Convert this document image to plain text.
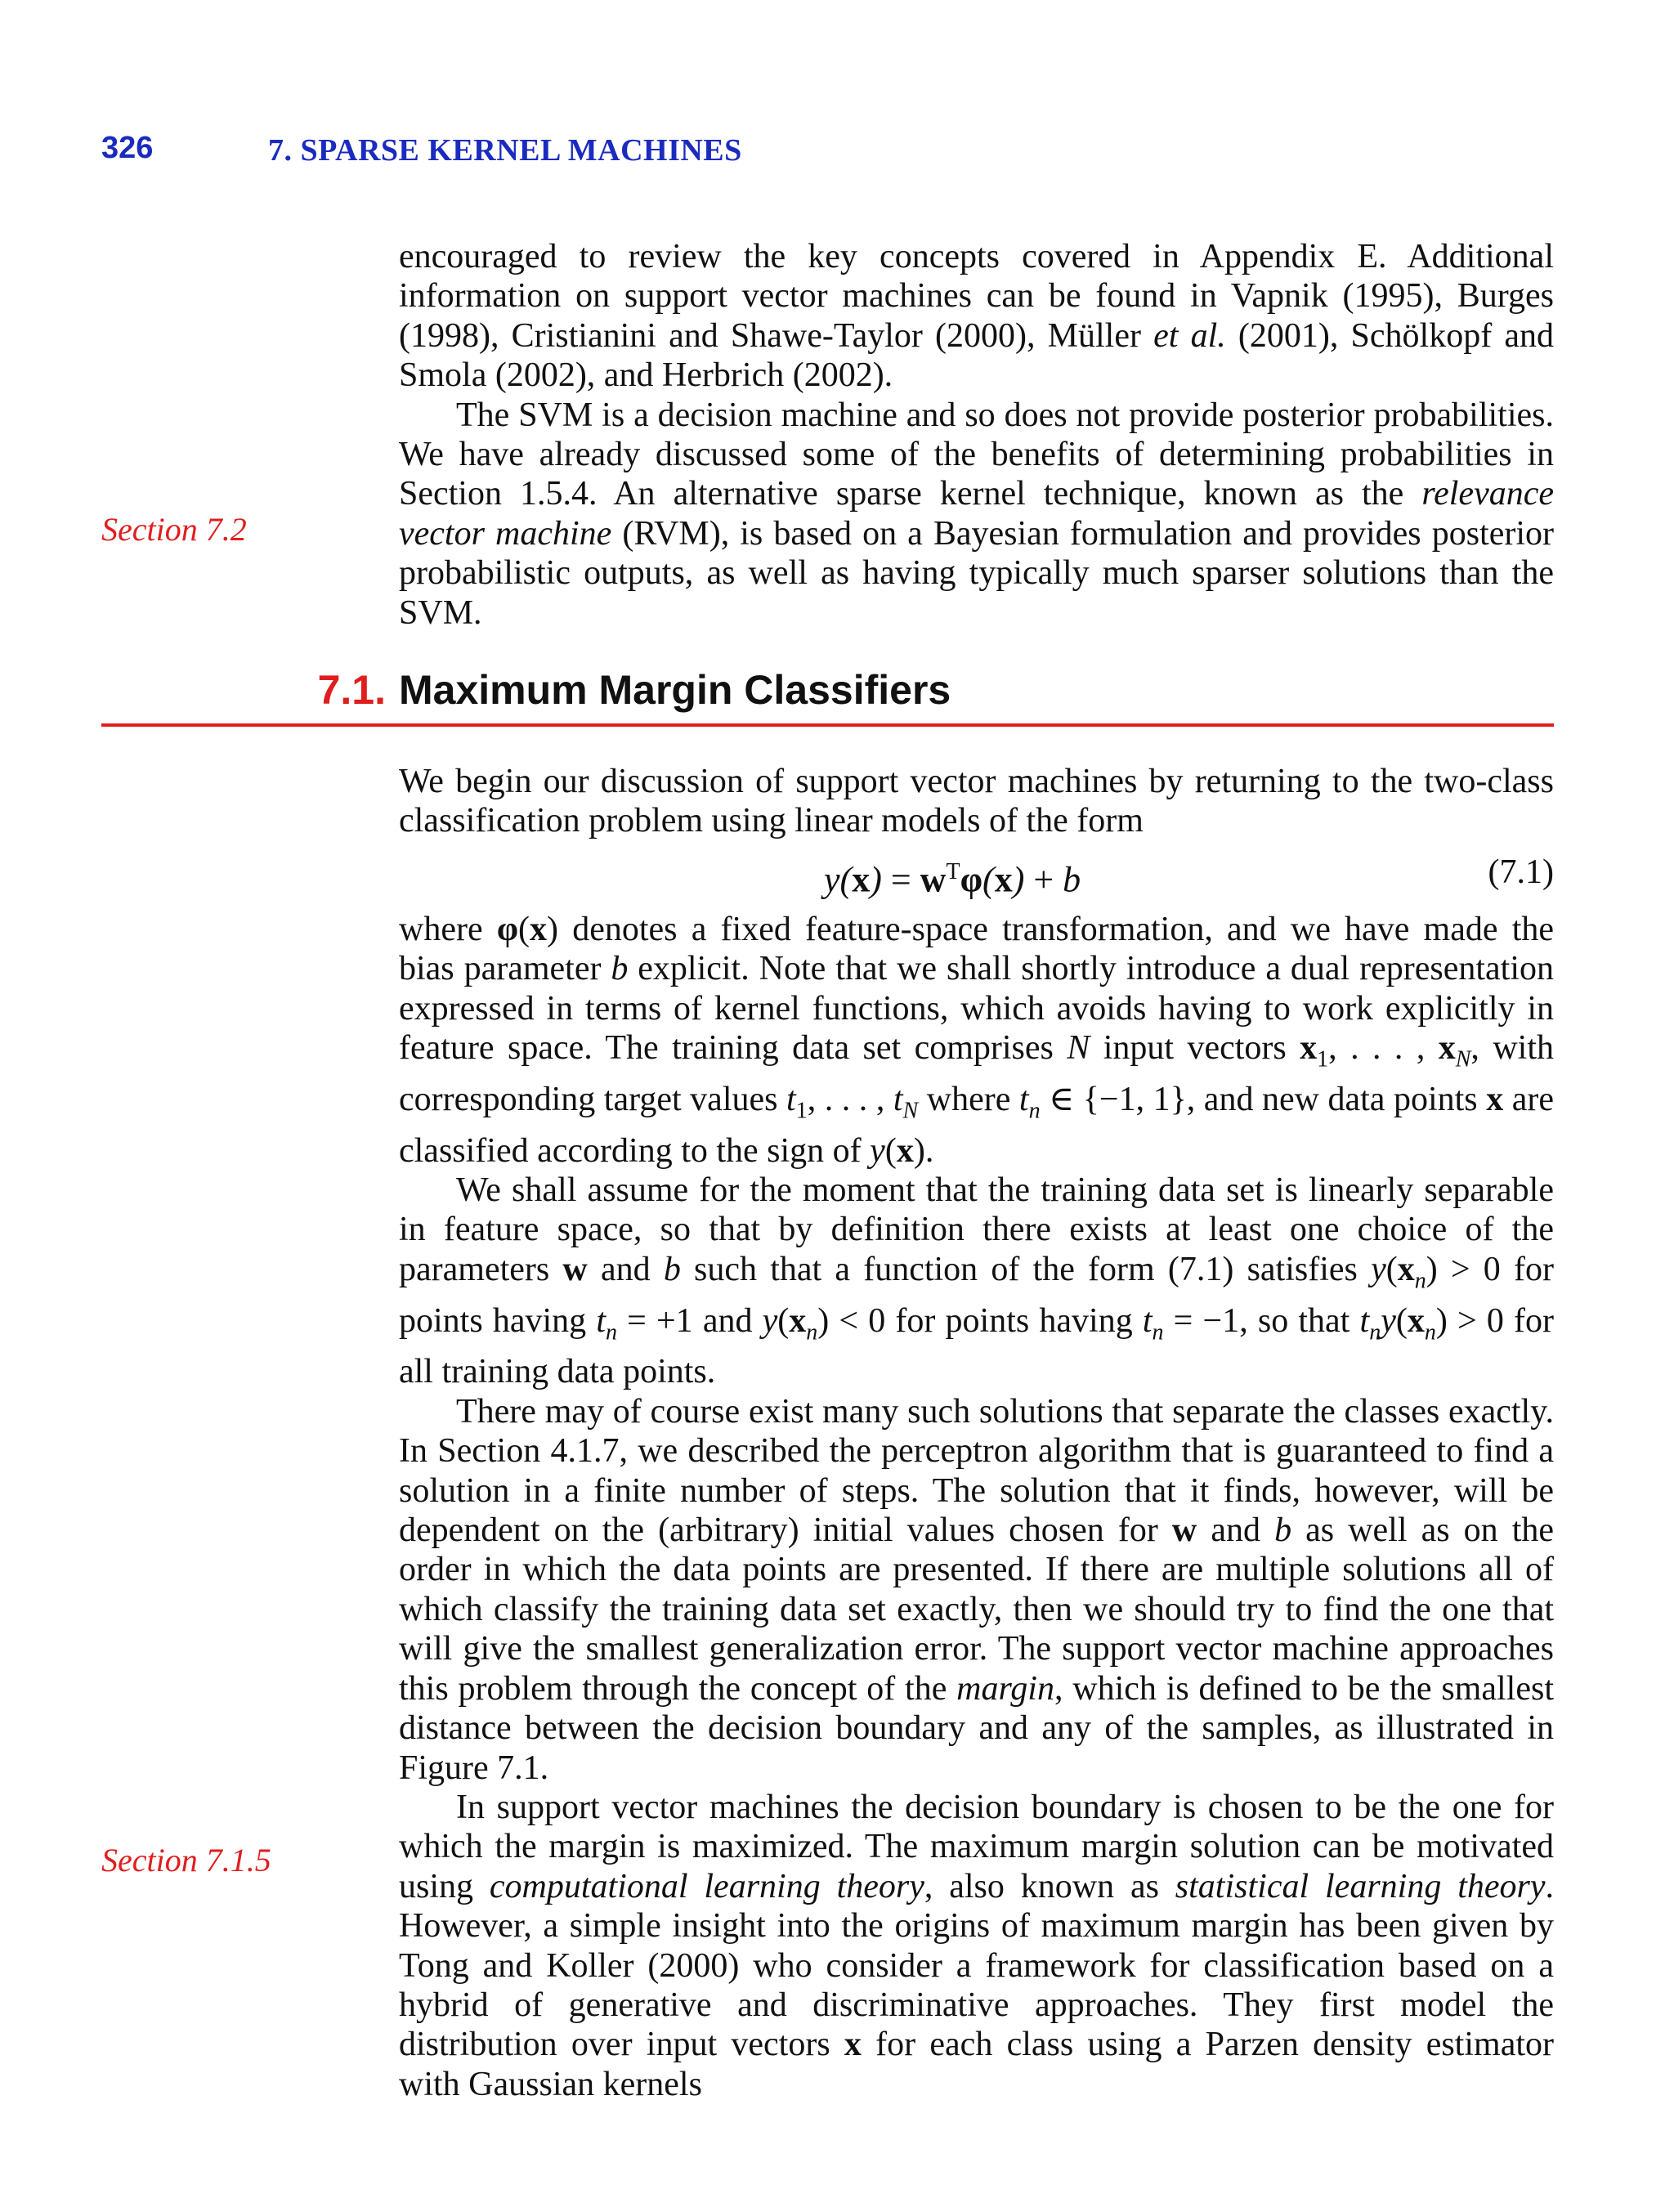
326	7. SPARSE KERNEL MACHINES

encouraged to review the key concepts covered in Appendix E. Additional information on support vector machines can be found in Vapnik (1995), Burges (1998), Cristianini and Shawe-Taylor (2000), Müller et al. (2001), Schölkopf and Smola (2002), and Herbrich (2002).

The SVM is a decision machine and so does not provide posterior probabilities. We have already discussed some of the benefits of determining probabilities in Section 1.5.4. An alternative sparse kernel technique, known as the relevance vector machine (RVM), is based on a Bayesian formulation and provides posterior probabilistic outputs, as well as having typically much sparser solutions than the SVM.

Section 7.2
7.1. Maximum Margin Classifiers

We begin our discussion of support vector machines by returning to the two-class classification problem using linear models of the form

$y(x) = w^T\varphi(x) + b$	(7.1)

where φ(x) denotes a fixed feature-space transformation, and we have made the bias parameter b explicit. Note that we shall shortly introduce a dual representation expressed in terms of kernel functions, which avoids having to work explicitly in feature space. The training data set comprises N input vectors $x_1$, . . . , $x_N$, with corresponding target values $t_1$, . . . , $t_N$ where $t_n$ ∈ {−1, 1}, and new data points x are classified according to the sign of y(x).

We shall assume for the moment that the training data set is linearly separable in feature space, so that by definition there exists at least one choice of the parameters w and b such that a function of the form (7.1) satisfies $y(x_n) > 0$ for points having $t_n = +1$ and $y(x_n) < 0$ for points having $t_n = -1$, so that $t_ny(x_n) > 0$ for all training data points.

There may of course exist many such solutions that separate the classes exactly. In Section 4.1.7, we described the perceptron algorithm that is guaranteed to find a solution in a finite number of steps. The solution that it finds, however, will be dependent on the (arbitrary) initial values chosen for w and b as well as on the order in which the data points are presented. If there are multiple solutions all of which classify the training data set exactly, then we should try to find the one that will give the smallest generalization error. The support vector machine approaches this problem through the concept of the margin, which is defined to be the smallest distance between the decision boundary and any of the samples, as illustrated in Figure 7.1.

In support vector machines the decision boundary is chosen to be the one for which the margin is maximized. The maximum margin solution can be motivated using computational learning theory, also known as statistical learning theory. However, a simple insight into the origins of maximum margin has been given by Tong and Koller (2000) who consider a framework for classification based on a hybrid of generative and discriminative approaches. They first model the distribution over input vectors x for each class using a Parzen density estimator with Gaussian kernels

Section 7.1.5
